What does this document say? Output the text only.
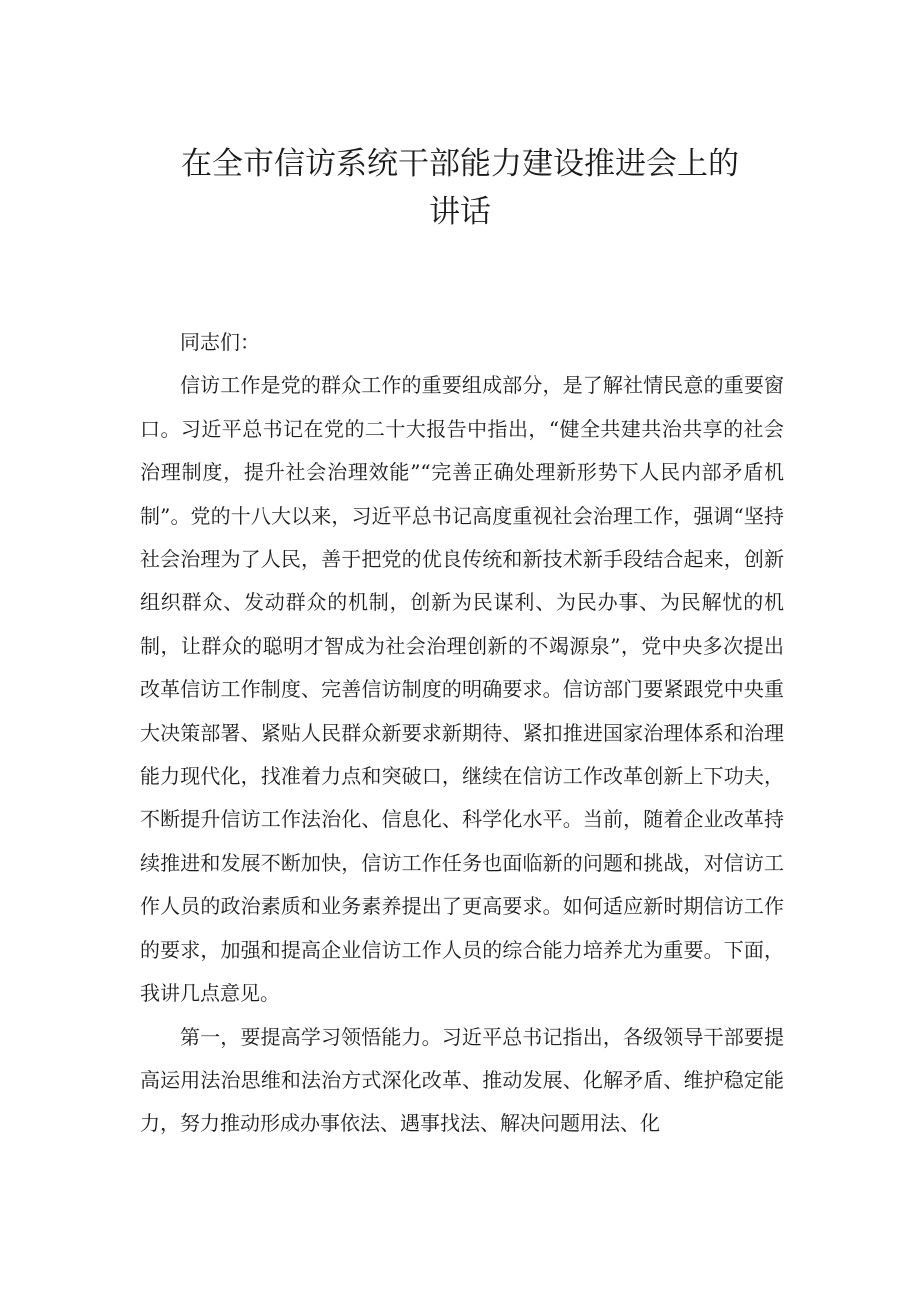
在全市信访系统干部能力建设推进会上的
讲话

同志们：

信访工作是党的群众工作的重要组成部分，是了解社情民意的重要窗口。习近平总书记在党的二十大报告中指出，“健全共建共治共享的社会治理制度，提升社会治理效能”“完善正确处理新形势下人民内部矛盾机制”。党的十八大以来，习近平总书记高度重视社会治理工作，强调“坚持社会治理为了人民，善于把党的优良传统和新技术新手段结合起来，创新组织群众、发动群众的机制，创新为民谋利、为民办事、为民解忧的机制，让群众的聪明才智成为社会治理创新的不竭源泉”，党中央多次提出改革信访工作制度、完善信访制度的明确要求。信访部门要紧跟党中央重大决策部署、紧贴人民群众新要求新期待、紧扣推进国家治理体系和治理能力现代化，找准着力点和突破口，继续在信访工作改革创新上下功夫，不断提升信访工作法治化、信息化、科学化水平。当前，随着企业改革持续推进和发展不断加快，信访工作任务也面临新的问题和挑战，对信访工作人员的政治素质和业务素养提出了更高要求。如何适应新时期信访工作的要求，加强和提高企业信访工作人员的综合能力培养尤为重要。下面，我讲几点意见。

第一，要提高学习领悟能力。习近平总书记指出，各级领导干部要提高运用法治思维和法治方式深化改革、推动发展、化解矛盾、维护稳定能力，努力推动形成办事依法、遇事找法、解决问题用法、化
